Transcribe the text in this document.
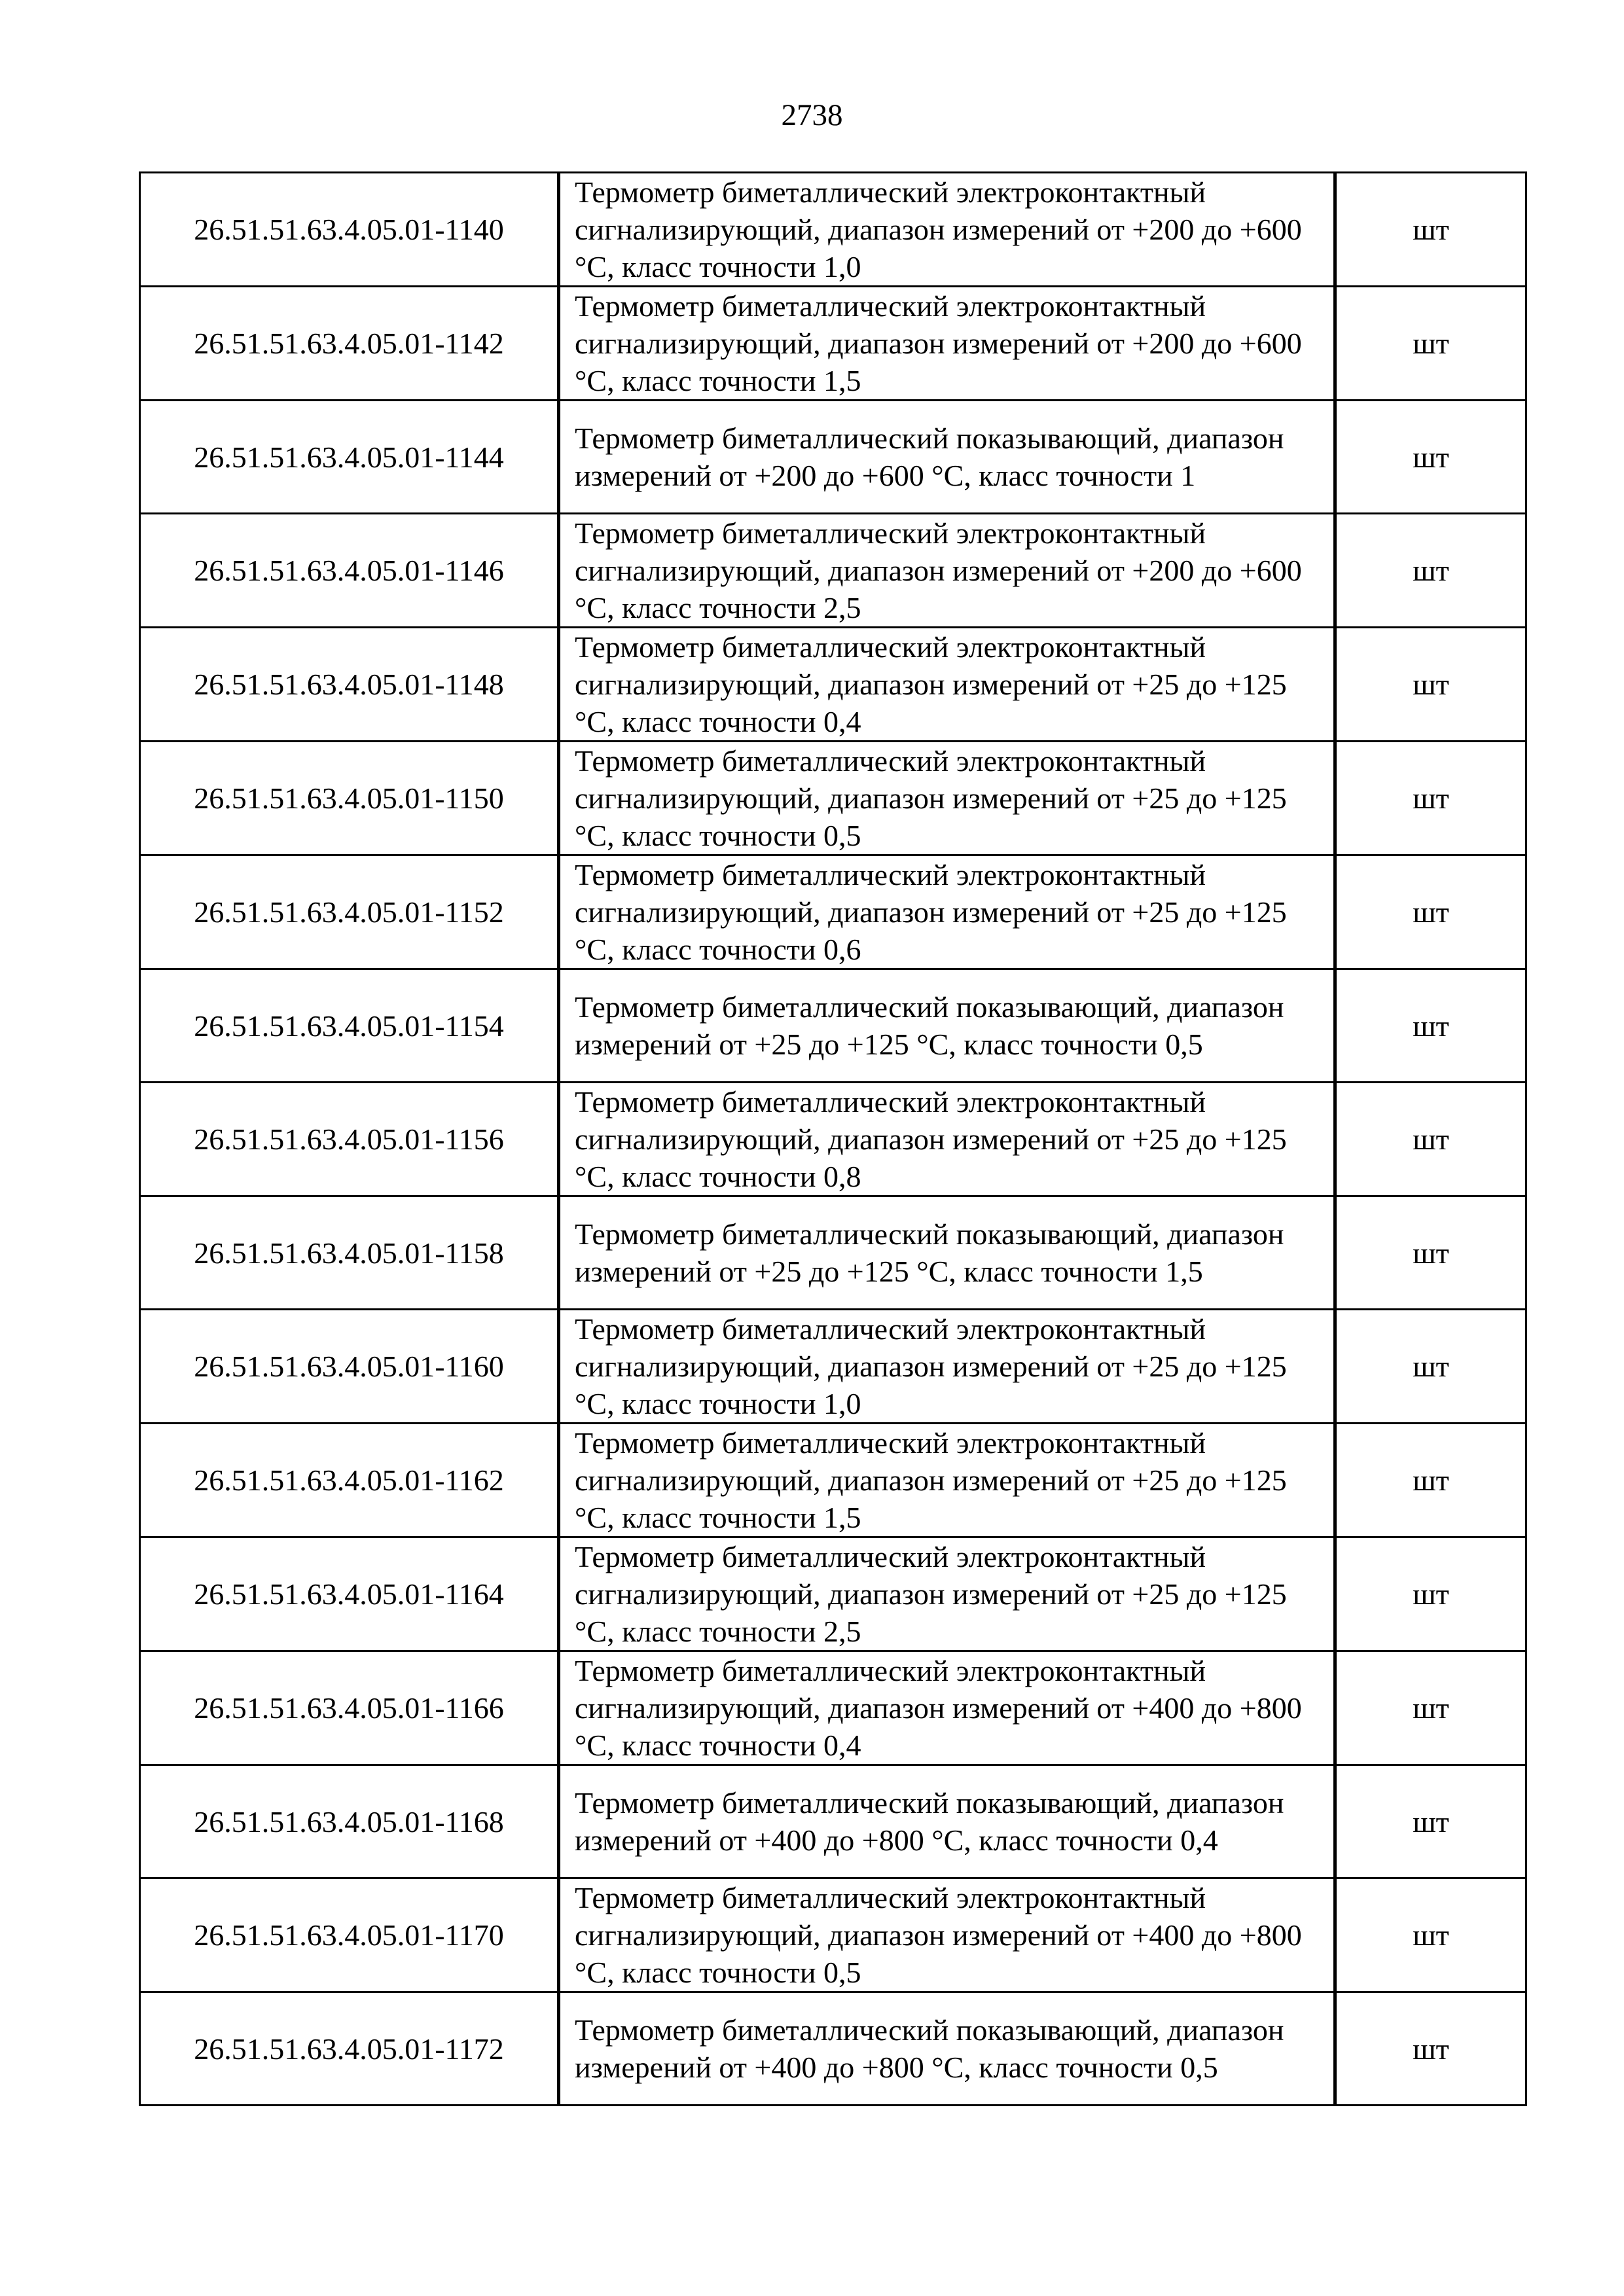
2738
26.51.51.63.4.05.01-1140	Термометр биметаллический электроконтактный сигнализирующий, диапазон измерений от +200 до +600 °С, класс точности 1,0	шт
26.51.51.63.4.05.01-1142	Термометр биметаллический электроконтактный сигнализирующий, диапазон измерений от +200 до +600 °С, класс точности 1,5	шт
26.51.51.63.4.05.01-1144	Термометр биметаллический показывающий, диапазон измерений от +200 до +600 °С, класс точности 1	шт
26.51.51.63.4.05.01-1146	Термометр биметаллический электроконтактный сигнализирующий, диапазон измерений от +200 до +600 °С, класс точности 2,5	шт
26.51.51.63.4.05.01-1148	Термометр биметаллический электроконтактный сигнализирующий, диапазон измерений от +25 до +125 °С, класс точности 0,4	шт
26.51.51.63.4.05.01-1150	Термометр биметаллический электроконтактный сигнализирующий, диапазон измерений от +25 до +125 °С, класс точности 0,5	шт
26.51.51.63.4.05.01-1152	Термометр биметаллический электроконтактный сигнализирующий, диапазон измерений от +25 до +125 °С, класс точности 0,6	шт
26.51.51.63.4.05.01-1154	Термометр биметаллический показывающий, диапазон измерений от +25 до +125 °С, класс точности 0,5	шт
26.51.51.63.4.05.01-1156	Термометр биметаллический электроконтактный сигнализирующий, диапазон измерений от +25 до +125 °С, класс точности 0,8	шт
26.51.51.63.4.05.01-1158	Термометр биметаллический показывающий, диапазон измерений от +25 до +125 °С, класс точности 1,5	шт
26.51.51.63.4.05.01-1160	Термометр биметаллический электроконтактный сигнализирующий, диапазон измерений от +25 до +125 °С, класс точности 1,0	шт
26.51.51.63.4.05.01-1162	Термометр биметаллический электроконтактный сигнализирующий, диапазон измерений от +25 до +125 °С, класс точности 1,5	шт
26.51.51.63.4.05.01-1164	Термометр биметаллический электроконтактный сигнализирующий, диапазон измерений от +25 до +125 °С, класс точности 2,5	шт
26.51.51.63.4.05.01-1166	Термометр биметаллический электроконтактный сигнализирующий, диапазон измерений от +400 до +800 °С, класс точности 0,4	шт
26.51.51.63.4.05.01-1168	Термометр биметаллический показывающий, диапазон измерений от +400 до +800 °С, класс точности 0,4	шт
26.51.51.63.4.05.01-1170	Термометр биметаллический электроконтактный сигнализирующий, диапазон измерений от +400 до +800 °С, класс точности 0,5	шт
26.51.51.63.4.05.01-1172	Термометр биметаллический показывающий, диапазон измерений от +400 до +800 °С, класс точности 0,5	шт
